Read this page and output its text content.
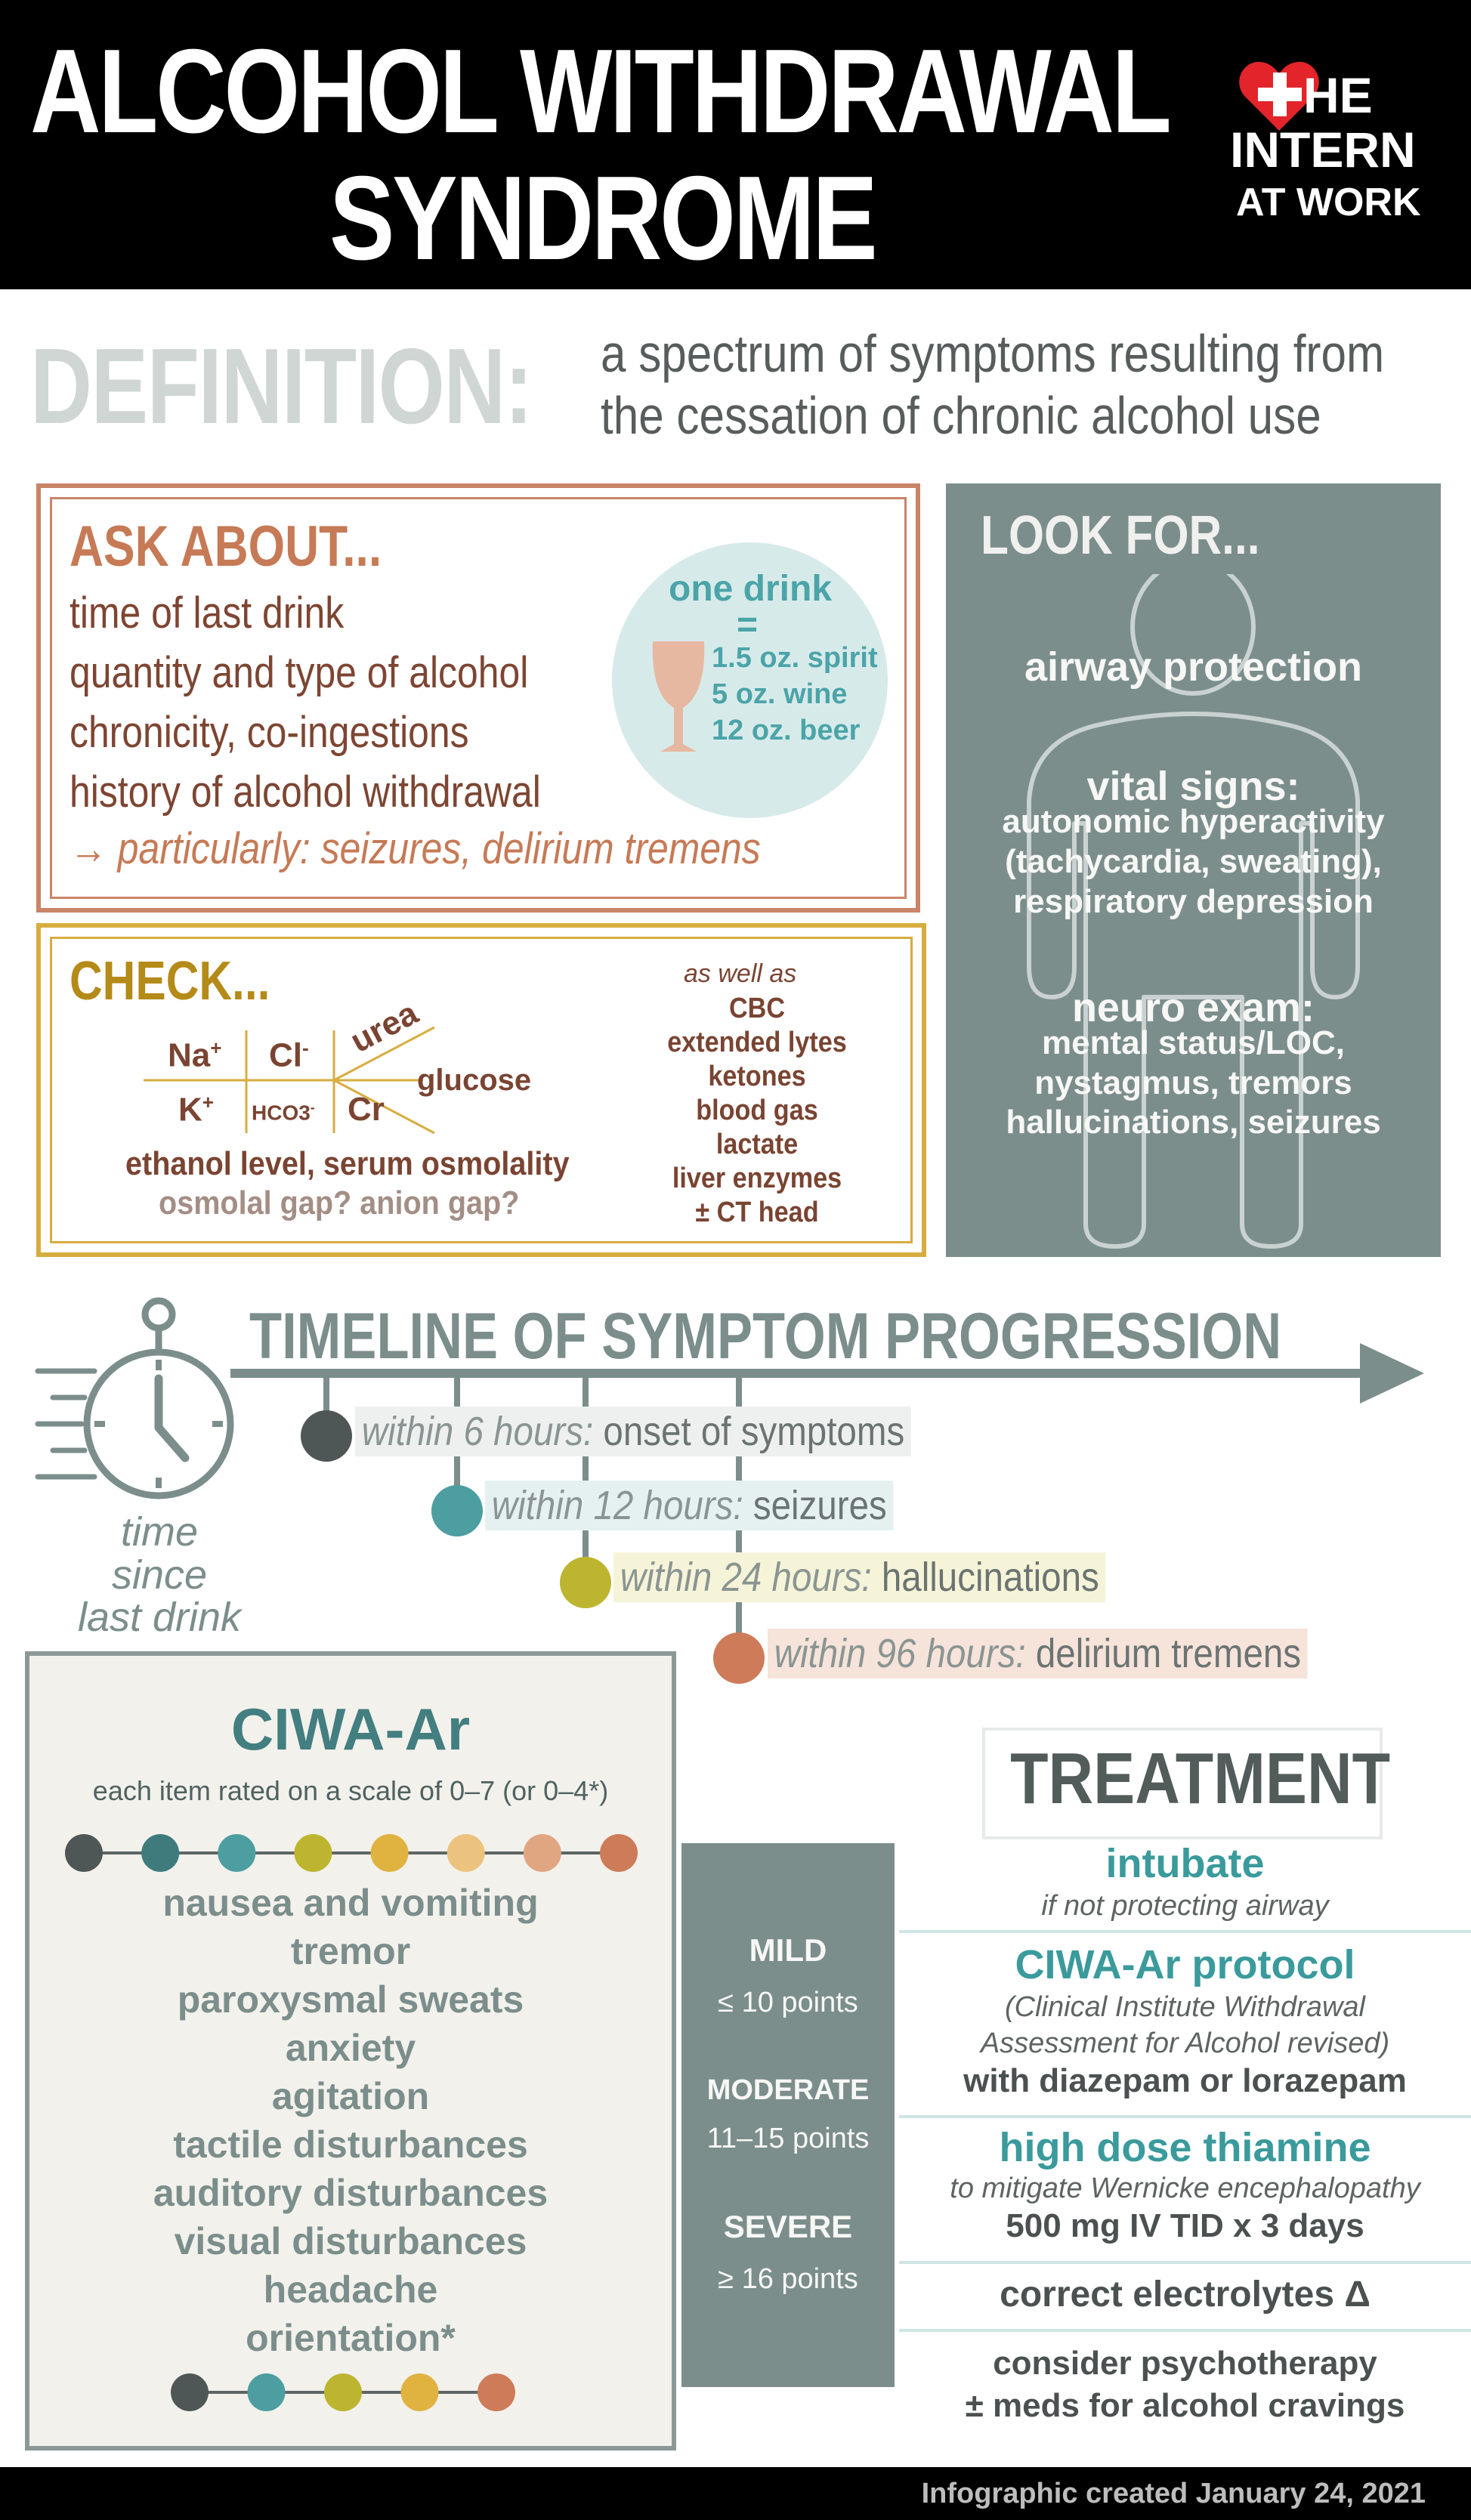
ALCOHOL WITHDRAWAL
SYNDROME
HE
INTERN
AT WORK
DEFINITION: a spectrum of symptoms resulting from
the cessation of chronic alcohol use
ASK ABOUT...
time of last drink
quantity and type of alcohol
chronicity, co-ingestions
history of alcohol withdrawal
→ particularly: seizures, delirium tremens
one drink
=
1.5 oz. spirit
5 oz. wine
12 oz. beer
CHECK...
Na+ Cl- urea
K+ HCO3- Cr
glucose
ethanol level, serum osmolality
osmolal gap? anion gap?
as well as
CBC
extended lytes
ketones
blood gas
lactate
liver enzymes
± CT head
LOOK FOR...
airway protection
vital signs:
autonomic hyperactivity
(tachycardia, sweating),
respiratory depression
neuro exam:
mental status/LOC,
nystagmus, tremors
hallucinations, seizures
TIMELINE OF SYMPTOM PROGRESSION
time since
last drink
within 6 hours: onset of symptoms
within 12 hours: seizures
within 24 hours: hallucinations
within 96 hours: delirium tremens
CIWA-Ar
each item rated on a scale of 0–7 (or 0–4*)
nausea and vomiting
tremor
paroxysmal sweats
anxiety
agitation
tactile disturbances
auditory disturbances
visual disturbances
headache
orientation*
MILD
≤ 10 points
MODERATE
11–15 points
SEVERE
≥ 16 points
TREATMENT
intubate
if not protecting airway
CIWA-Ar protocol
(Clinical Institute Withdrawal
Assessment for Alcohol revised)
with diazepam or lorazepam
high dose thiamine
to mitigate Wernicke encephalopathy
500 mg IV TID x 3 days
correct electrolytes Δ
consider psychotherapy
± meds for alcohol cravings
Infographic created January 24, 2021
